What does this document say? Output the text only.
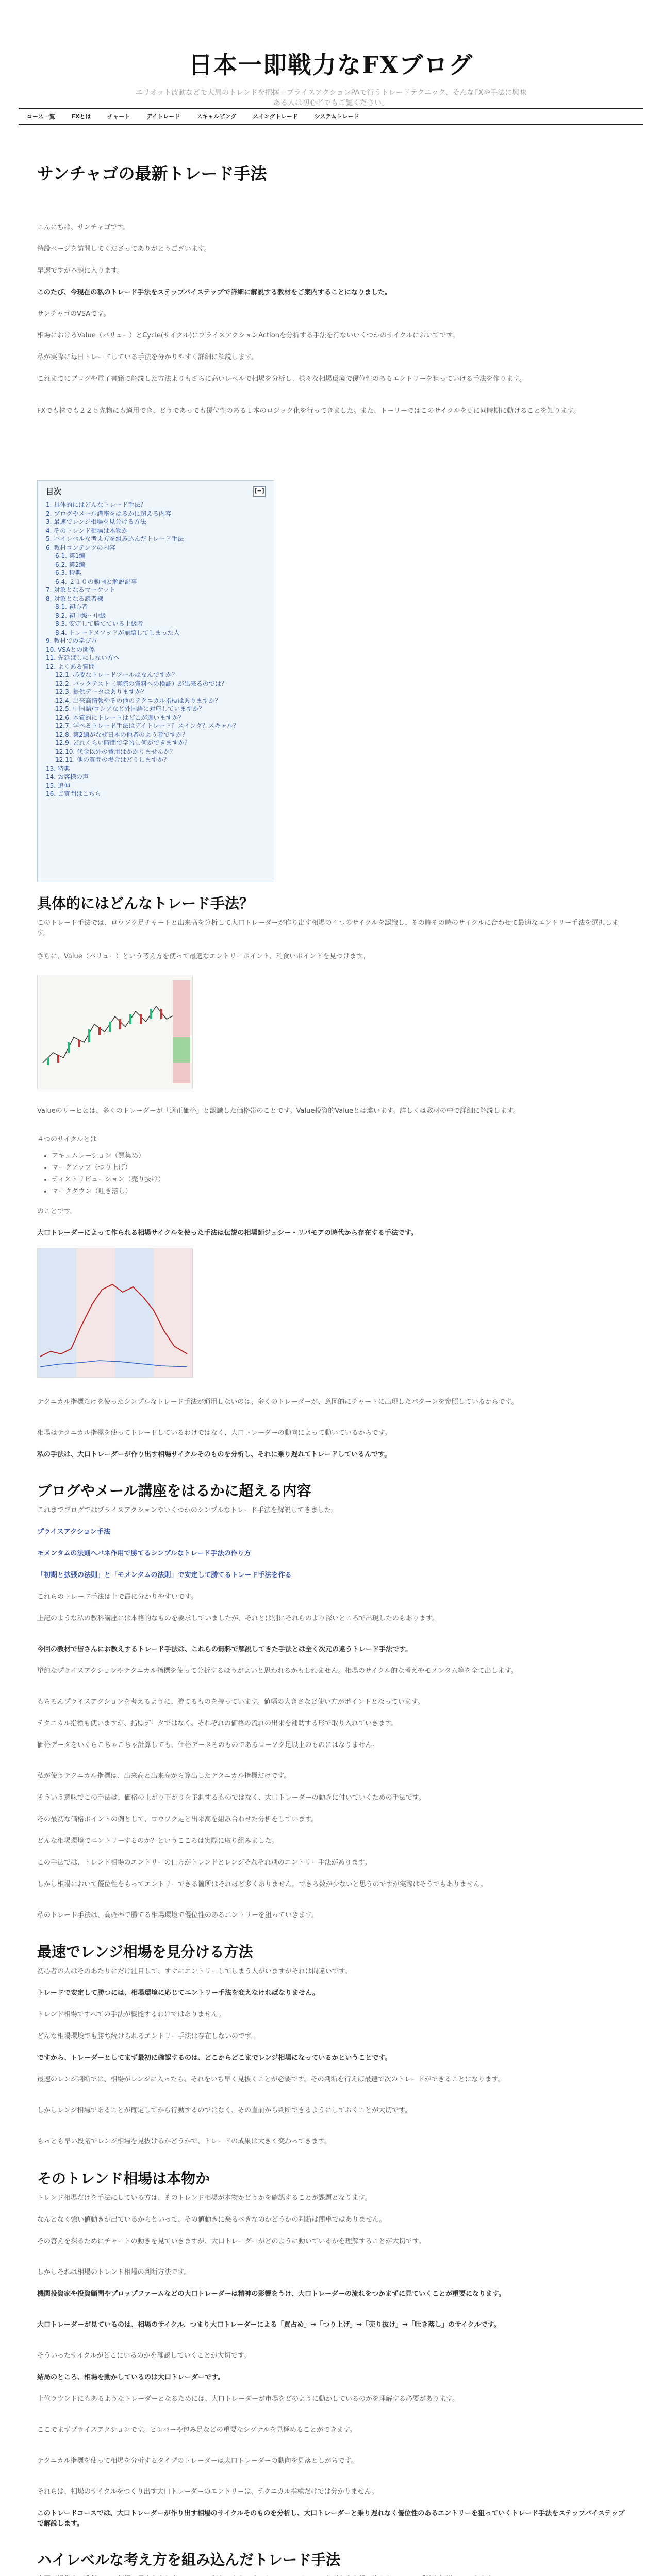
日本一即戦力なFXブログ
エリオット波動などで大局のトレンドを把握＋プライスアクションPAで行うトレードテクニック、そんなFXや手法に興味ある人は初心者でもご覧ください。
コース一覧	FXとは	チャート	デイトレード	スキャルピング	スイングトレード	システムトレード
サンチャゴの最新トレード手法

こんにちは、サンチャゴです。

特設ページを訪問してくださってありがとうございます。

早速ですが本題に入ります。

このたび、今現在の私のトレード手法をステップバイステップで詳細に解説する教材をご案内することになりました。

サンチャゴのVSAです。

相場におけるValue（バリュー）とCycle(サイクル)にプライスアクションActionを分析する手法を行ないいくつかのサイクルにおいてです。

私が実際に毎日トレードしている手法を分かりやすく詳細に解説します。

これまでにブログや電子書籍で解説した方法よりもさらに高いレベルで相場を分析し、様々な相場環境で優位性のあるエントリーを狙っていける手法を作ります。

FXでも株でも２２５先物にも適用でき、どうであっても優位性のある１本のロジック化を行ってきました。また、トーリーではこのサイクルを更に同時期に動けることを知ります。

目次	[−]
1. 具体的にはどんなトレード手法？
2. ブログやメール講座をはるかに超える内容
3. 最速でレンジ相場を見分ける方法
4. そのトレンド相場は本物か
5. ハイレベルな考え方を組み込んだトレード手法
6. 教材コンテンツの内容
6.1. 第1編
6.2. 第2編
6.3. 特典
6.4. ２１０の動画と解説記事
7. 対象となるマーケット
8. 対象となる読者様
8.1. 初心者
8.2. 初中級〜中級
8.3. 安定して勝てている上級者
8.4. トレードメソッドが崩壊してしまった人
9. 教材での学び方
10. VSAとの関係
11. 先延ばしにしない方へ
12. よくある質問
12.1. 必要なトレードツールはなんですか？
12.2. バックテスト（実際の資料への検証）が出来るのでは？
12.3. 提供データはありますか？
12.4. 出来高情報やその他のテクニカル指標はありますか？
12.5. 中国語/ロシアなど外国語に対応していますか？
12.6. 本質的にトレードはどこが違いますか？
12.7. 学べるトレード手法はデイトレード？スイング？スキャル？
12.8. 第2編がなぜ日本の他者のよう者ですか？
12.9. どれくらい時間で学習し何ができますか？
12.10. 代金以外の費用はかかりませんか？
12.11. 他の質問の場合はどうしますか？
13. 特典
14. お客様の声
15. 追伸
16. ご質問はこちら
具体的にはどんなトレード手法？

このトレード手法では、ロウソク足チャートと出来高を分析して大口トレーダーが作り出す相場の４つのサイクルを認識し、その時その時のサイクルに合わせて最適なエントリー手法を選択します。

さらに、Value（バリュー）という考え方を使って最適なエントリーポイント、利食いポイントを見つけます。

Valueのリーヒとは、多くのトレーダーが「適正価格」と認識した価格帯のことです。Value投資的Valueとは違います。詳しくは教材の中で詳細に解説します。

４つのサイクルとは

• アキュムレーション（買集め）
• マークアップ（つり上げ）
• ディストリビューション（売り抜け）
• マークダウン（吐き落し）

のことです。

大口トレーダーによって作られる相場サイクルを使った手法は伝説の相場師ジェシー・リバモアの時代から存在する手法です。

テクニカル指標だけを使ったシンプルなトレード手法が通用しないのは、多くのトレーダーが、意図的にチャートに出現したパターンを参照しているからです。

相場はテクニカル指標を使ってトレードしているわけではなく、大口トレーダーの動向によって動いているからです。

私の手法は、大口トレーダーが作り出す相場サイクルそのものを分析し、それに乗り遅れてトレードしているんです。

ブログやメール講座をはるかに超える内容

これまでブログではプライスアクションやいくつかのシンプルなトレード手法を解説してきました。

プライスアクション手法

モメンタムの法則へバネ作用で勝てるシンプルなトレード手法の作り方

「初期と拡張の法則」と「モメンタムの法則」で安定して勝てるトレード手法を作る

これらのトレード手法は上で最に分かりやすいです。

上記のような私の教科講座には本格的なものを要求していましたが、それとは別にそれらのより深いところで出現したのもあります。

今回の教材で皆さんにお教えするトレード手法は、これらの無料で解説してきた手法とは全く次元の違うトレード手法です。

単純なプライスアクションやテクニカル指標を使って分析するほうがよいと思われるかもしれません。相場のサイクル的な考えやモメンタム等を全て出します。

もちろんプライスアクションを考えるように、勝てるものを持っています。値幅の大きさなど使い方がポイントとなっています。

テクニカル指標も使いますが、指標データではなく、それぞれの価格の流れの出来を補助する形で取り入れていきます。

価格データをいくらこちゃこちゃ計算しても、価格データそのものであるローソク足以上のものにはなりません。

私が使うテクニカル指標は、出来高と出来高から算出したテクニカル指標だけです。

そういう意味でこの手法は、価格の上がり下がりを予測するものではなく、大口トレーダーの動きに付いていくための手法です。

その最初な価格ポイントの例として、ロウソク足と出来高を組み合わせた分析をしています。

どんな相場環境でエントリーするのか？というこころは実際に取り組みました。

この手法では、トレンド相場のエントリーの仕方がトレンドとレンジそれぞれ別のエントリー手法があります。

しかし相場において優位性をもってエントリーできる箇所はそれほど多くありません。できる数が少ないと思うのですが実際はそうでもありません。

私のトレード手法は、高確率で勝てる相場環境で優位性のあるエントリーを狙っていきます。

最速でレンジ相場を見分ける方法

初心者の人はそのあたりにだけ注目して、すぐにエントリーしてしまう人がいますがそれは間違いです。

トレードで安定して勝つには、相場環境に応じてエントリー手法を変えなければなりません。

トレンド相場ですべての手法が機能するわけではありません。

どんな相場環境でも勝ち続けられるエントリー手法は存在しないのです。

ですから、トレーダーとしてまず最初に確認するのは、どこからどこまでレンジ相場になっているかということです。

最速のレンジ判断では、相場がレンジに入ったら、それをいち早く見抜くことが必要です。その判断を行えば最速で次のトレードができることになります。

しかしレンジ相場であることが確定してから行動するのではなく、その直前から判断できるようにしておくことが大切です。

もっとも早い段階でレンジ相場を見抜けるかどうかで、トレードの成果は大きく変わってきます。

そのトレンド相場は本物か

トレンド相場だけを手法にしている方は、そのトレンド相場が本物かどうかを確認することが課題となります。

なんとなく強い値動きが出ているからといって、その値動きに乗るべきなのかどうかの判断は簡単ではありません。

その答えを探るためにチャートの動きを見ていきますが、大口トレーダーがどのように動いているかを理解することが大切です。

しかしそれは相場のトレンド相場の判断方法です。

機関投資家や投資顧問やプロップファームなどの大口トレーダーは精神の影響をうけ、大口トレーダーの流れをつかまずに見ていくことが重要になります。

大口トレーダーが見ているのは、相場のサイクル、つまり大口トレーダーによる「買占め」→「つり上げ」→「売り抜け」→「吐き落し」のサイクルです。

そういったサイクルがどこにいるのかを確認していくことが大切です。

結局のところ、相場を動かしているのは大口トレーダーです。

上位ラウンドにもあるようなトレーダーとなるためには、大口トレーダーが市場をどのように動かしているのかを理解する必要があります。

ここでまずプライスアクションです。ピンバーや包み足などの重要なシグナルを見極めることができます。

テクニカル指標を使って相場を分析するタイプのトレーダーは大口トレーダーの動向を見落としがちです。

それらは、相場のサイクルをつくり出す大口トレーダーのエントリーは、テクニカル指標だけでは分かりません。

このトレードコースでは、大口トレーダーが作り出す相場のサイクルそのものを分析し、大口トレーダーと乗り遅れなく優位性のあるエントリーを狙っていくトレード手法をステップバイステップで解説します。

ハイレベルな考え方を組み込んだトレード手法
